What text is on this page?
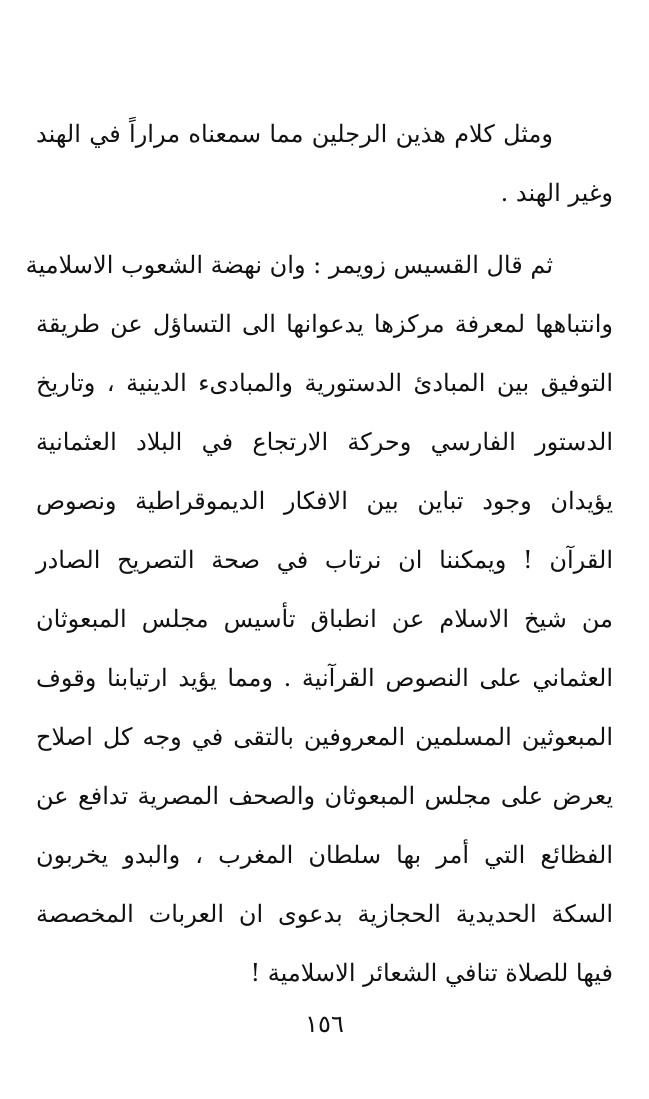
ومثل كلام هذين الرجلين مما سمعناه مراراً في الهند
وغير الهند .
ثم قال القسيس زويمر : وان نهضة الشعوب الاسلامية
وانتباهها لمعرفة مركزها يدعوانها الى التساؤل عن طريقة
التوفيق بين المبادئ الدستورية والمبادىء الدينية ، وتاريخ
الدستور الفارسي وحركة الارتجاع في البلاد العثمانية
يؤيدان وجود تباين بين الافكار الديموقراطية ونصوص
القرآن ! ويمكننا ان نرتاب في صحة التصريح الصادر
من شيخ الاسلام عن انطباق تأسيس مجلس المبعوثان
العثماني على النصوص القرآنية . ومما يؤيد ارتيابنا وقوف
المبعوثين المسلمين المعروفين بالتقى في وجه كل اصلاح
يعرض على مجلس المبعوثان والصحف المصرية تدافع عن
الفظائع التي أمر بها سلطان المغرب ، والبدو يخربون
السكة الحديدية الحجازية بدعوى ان العربات المخصصة
فيها للصلاة تنافي الشعائر الاسلامية !
١٥٦
